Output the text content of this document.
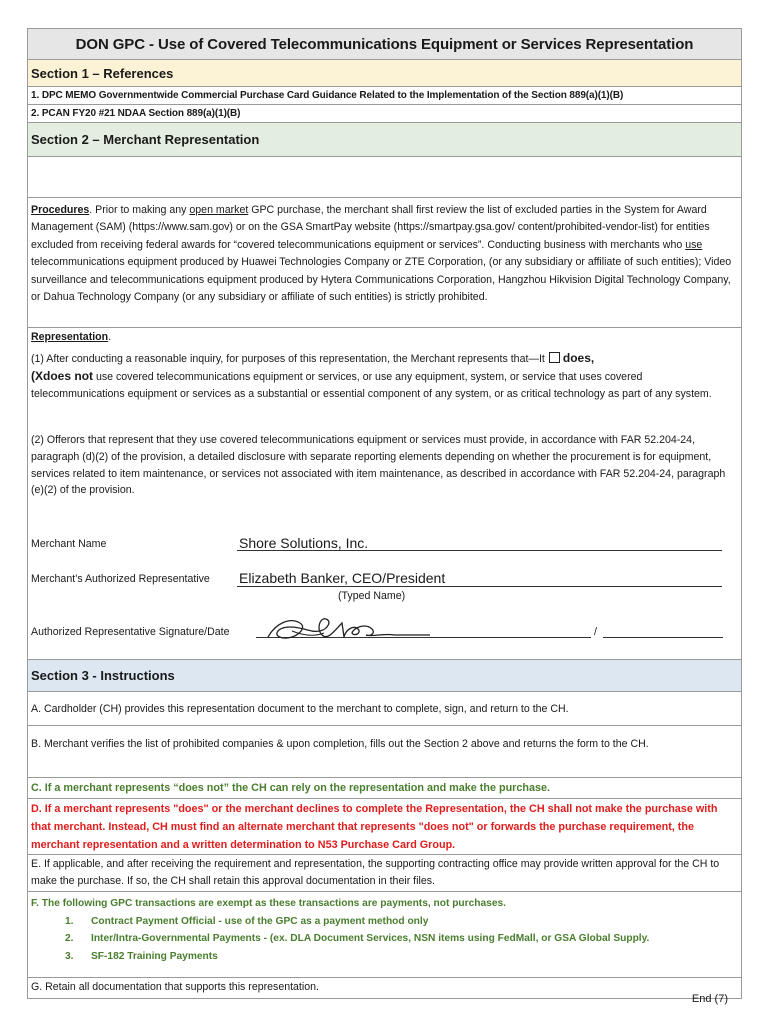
DON GPC - Use of Covered Telecommunications Equipment or Services Representation
Section 1 – References
1. DPC MEMO Governmentwide Commercial Purchase Card Guidance Related to the Implementation of the Section 889(a)(1)(B)
2. PCAN FY20 #21 NDAA Section 889(a)(1)(B)
Section 2 – Merchant Representation
Procedures. Prior to making any open market GPC purchase, the merchant shall first review the list of excluded parties in the System for Award Management (SAM) (https://www.sam.gov) or on the GSA SmartPay website (https://smartpay.gsa.gov/ content/prohibited-vendor-list) for entities excluded from receiving federal awards for “covered telecommunications equipment or services”. Conducting business with merchants who use telecommunications equipment produced by Huawei Technologies Company or ZTE Corporation, (or any subsidiary or affiliate of such entities); Video surveillance and telecommunications equipment produced by Hytera Communications Corporation, Hangzhou Hikvision Digital Technology Company, or Dahua Technology Company (or any subsidiary or affiliate of such entities) is strictly prohibited.
Representation.
(1) After conducting a reasonable inquiry, for purposes of this representation, the Merchant represents that—It does,
(Xdoes not use covered telecommunications equipment or services, or use any equipment, system, or service that uses covered telecommunications equipment or services as a substantial or essential component of any system, or as critical technology as part of any system.
(2) Offerors that represent that they use covered telecommunications equipment or services must provide, in accordance with FAR 52.204-24, paragraph (d)(2) of the provision, a detailed disclosure with separate reporting elements depending on whether the procurement is for equipment, services related to item maintenance, or services not associated with item maintenance, as described in accordance with FAR 52.204-24, paragraph (e)(2) of the provision.
Merchant Name	Shore Solutions, Inc.
Merchant’s Authorized Representative Elizabeth Banker, CEO/President
(Typed Name)
Authorized Representative Signature/Date	/
Section 3 - Instructions
A. Cardholder (CH) provides this representation document to the merchant to complete, sign, and return to the CH.
B. Merchant verifies the list of prohibited companies & upon completion, fills out the Section 2 above and returns the form to the CH.
C. If a merchant represents “does not” the CH can rely on the representation and make the purchase.
D. If a merchant represents "does" or the merchant declines to complete the Representation, the CH shall not make the purchase with that merchant. Instead, CH must find an alternate merchant that represents "does not" or forwards the purchase requirement, the merchant representation and a written determination to N53 Purchase Card Group.
E. If applicable, and after receiving the requirement and representation, the supporting contracting office may provide written approval for the CH to make the purchase. If so, the CH shall retain this approval documentation in their files.
F. The following GPC transactions are exempt as these transactions are payments, not purchases.
1. Contract Payment Official - use of the GPC as a payment method only
2. Inter/Intra-Governmental Payments - (ex. DLA Document Services, NSN items using FedMall, or GSA Global Supply.
3. SF-182 Training Payments
G. Retain all documentation that supports this representation.
End (7)
